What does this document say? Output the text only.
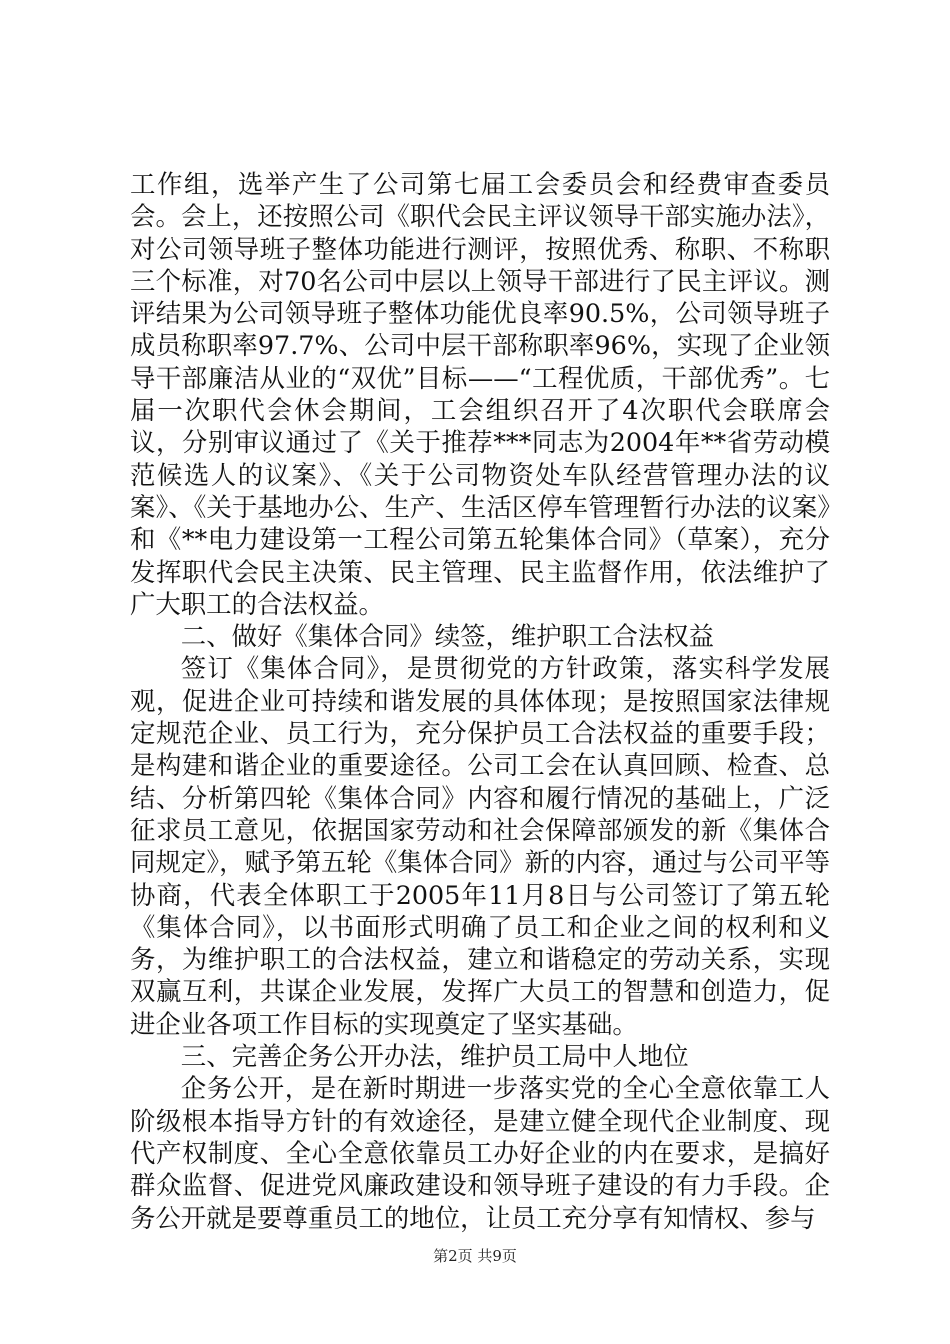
工作组，选举产生了公司第七届工会委员会和经费审查委员会。会上，还按照公司《职代会民主评议领导干部实施办法》，对公司领导班子整体功能进行测评，按照优秀、称职、不称职三个标准，对70名公司中层以上领导干部进行了民主评议。测评结果为公司领导班子整体功能优良率90.5%，公司领导班子成员称职率97.7%、公司中层干部称职率96%，实现了企业领导干部廉洁从业的“双优”目标——“工程优质，干部优秀”。七届一次职代会休会期间，工会组织召开了4次职代会联席会议，分别审议通过了《关于推荐***同志为2004年**省劳动模范候选人的议案》、《关于公司物资处车队经营管理办法的议案》、《关于基地办公、生产、生活区停车管理暂行办法的议案》和《**电力建设第一工程公司第五轮集体合同》（草案），充分发挥职代会民主决策、民主管理、民主监督作用，依法维护了广大职工的合法权益。

二、做好《集体合同》续签，维护职工合法权益

签订《集体合同》，是贯彻党的方针政策，落实科学发展观，促进企业可持续和谐发展的具体体现；是按照国家法律规定规范企业、员工行为，充分保护员工合法权益的重要手段；是构建和谐企业的重要途径。公司工会在认真回顾、检查、总结、分析第四轮《集体合同》内容和履行情况的基础上，广泛征求员工意见，依据国家劳动和社会保障部颁发的新《集体合同规定》，赋予第五轮《集体合同》新的内容，通过与公司平等协商，代表全体职工于2005年11月8日与公司签订了第五轮《集体合同》，以书面形式明确了员工和企业之间的权利和义务，为维护职工的合法权益，建立和谐稳定的劳动关系，实现双赢互利，共谋企业发展，发挥广大员工的智慧和创造力，促进企业各项工作目标的实现奠定了坚实基础。

三、完善企务公开办法，维护员工局中人地位

企务公开，是在新时期进一步落实党的全心全意依靠工人阶级根本指导方针的有效途径，是建立健全现代企业制度、现代产权制度、全心全意依靠员工办好企业的内在要求，是搞好群众监督、促进党风廉政建设和领导班子建设的有力手段。企务公开就是要尊重员工的地位，让员工充分享有知情权、参与

第2页 共9页
